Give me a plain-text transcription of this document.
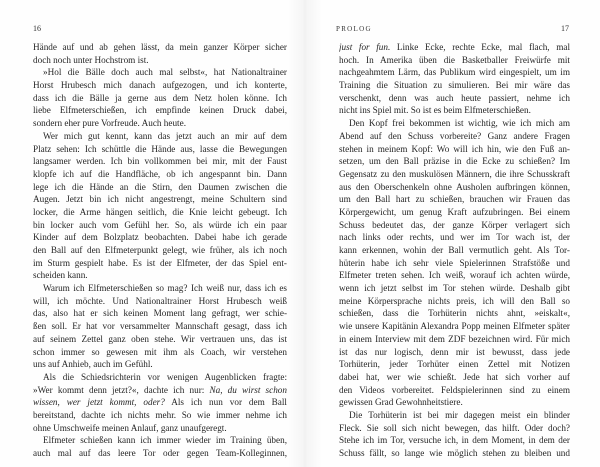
16
Hände auf und ab gehen lässt, da mein ganzer Körper sicher
doch noch unter Hochstrom ist.
»Hol die Bälle doch auch mal selbst«, hat Nationaltrainer
Horst Hrubesch mich danach aufgezogen, und ich konterte,
dass ich die Bälle ja gerne aus dem Netz holen könne. Ich
liebe Elfmeterschießen, ich empfinde keinen Druck dabei,
sondern eher pure Vorfreude. Auch heute.
Wer mich gut kennt, kann das jetzt auch an mir auf dem
Platz sehen: Ich schüttle die Hände aus, lasse die Bewegungen
langsamer werden. Ich bin vollkommen bei mir, mit der Faust
klopfe ich auf die Handfläche, ob ich angespannt bin. Dann
lege ich die Hände an die Stirn, den Daumen zwischen die
Augen. Jetzt bin ich nicht angestrengt, meine Schultern sind
locker, die Arme hängen seitlich, die Knie leicht gebeugt. Ich
bin locker auch vom Gefühl her. So, als würde ich ein paar
Kinder auf dem Bolzplatz beobachten. Dabei habe ich gerade
den Ball auf den Elfmeterpunkt gelegt, wie früher, als ich noch
im Sturm gespielt habe. Es ist der Elfmeter, der das Spiel ent-
scheiden kann.
Warum ich Elfmeterschießen so mag? Ich weiß nur, dass ich es
will, ich möchte. Und Nationaltrainer Horst Hrubesch weiß
das, also hat er sich keinen Moment lang gefragt, wer schie-
ßen soll. Er hat vor versammelter Mannschaft gesagt, dass ich
auf seinem Zettel ganz oben stehe. Wir vertrauen uns, das ist
schon immer so gewesen mit ihm als Coach, wir verstehen
uns auf Anhieb, auch im Gefühl.
Als die Schiedsrichterin vor wenigen Augenblicken fragte:
»Wer kommt denn jetzt?«, dachte ich nur: Na, du wirst schon
wissen, wer jetzt kommt, oder? Als ich nun vor dem Ball
bereitstand, dachte ich nichts mehr. So wie immer nehme ich
ohne Umschweife meinen Anlauf, ganz unaufgeregt.
Elfmeter schießen kann ich immer wieder im Training üben,
auch mal auf das leere Tor oder gegen Team-Kolleginnen,
PROLOG	17
just for fun. Linke Ecke, rechte Ecke, mal flach, mal
hoch. In Amerika üben die Basketballer Freiwürfe mit
nachgeahmtem Lärm, das Publikum wird eingespielt, um im
Training die Situation zu simulieren. Bei mir wäre das
verschenkt, denn was auch heute passiert, nehme ich
nicht ins Spiel mit. So ist es beim Elfmeterschießen.
Den Kopf frei bekommen ist wichtig, wie ich mich am
Abend auf den Schuss vorbereite? Ganz andere Fragen
stehen in meinem Kopf: Wo will ich hin, wie den Fuß an-
setzen, um den Ball präzise in die Ecke zu schießen? Im
Gegensatz zu den muskulösen Männern, die ihre Schusskraft
aus den Oberschenkeln ohne Ausholen aufbringen können,
um den Ball hart zu schießen, brauchen wir Frauen das
Körpergewicht, um genug Kraft aufzubringen. Bei einem
Schuss bedeutet das, der ganze Körper verlagert sich
nach links oder rechts, und wer im Tor wach ist, der
kann erkennen, wohin der Ball vermutlich geht. Als Tor-
hüterin habe ich sehr viele Spielerinnen Strafstöße und
Elfmeter treten sehen. Ich weiß, worauf ich achten würde,
wenn ich jetzt selbst im Tor stehen würde. Deshalb gibt
meine Körpersprache nichts preis, ich will den Ball so
schießen, dass die Torhüterin nichts ahnt, »eiskalt«,
wie unsere Kapitänin Alexandra Popp meinen Elfmeter später
in einem Interview mit dem ZDF bezeichnen wird. Für mich
ist das nur logisch, denn mir ist bewusst, dass jede
Torhüterin, jeder Torhüter einen Zettel mit Notizen
dabei hat, wer wie schießt. Jede hat sich vorher auf
den Videos vorbereitet. Feldspielerinnen sind zu einem
gewissen Grad Gewohnheitstiere.
Die Torhüterin ist bei mir dagegen meist ein blinder
Fleck. Sie soll sich nicht bewegen, das hilft. Oder doch?
Stehe ich im Tor, versuche ich, in dem Moment, in dem der
Schuss fällt, so lange wie möglich stehen zu bleiben und
